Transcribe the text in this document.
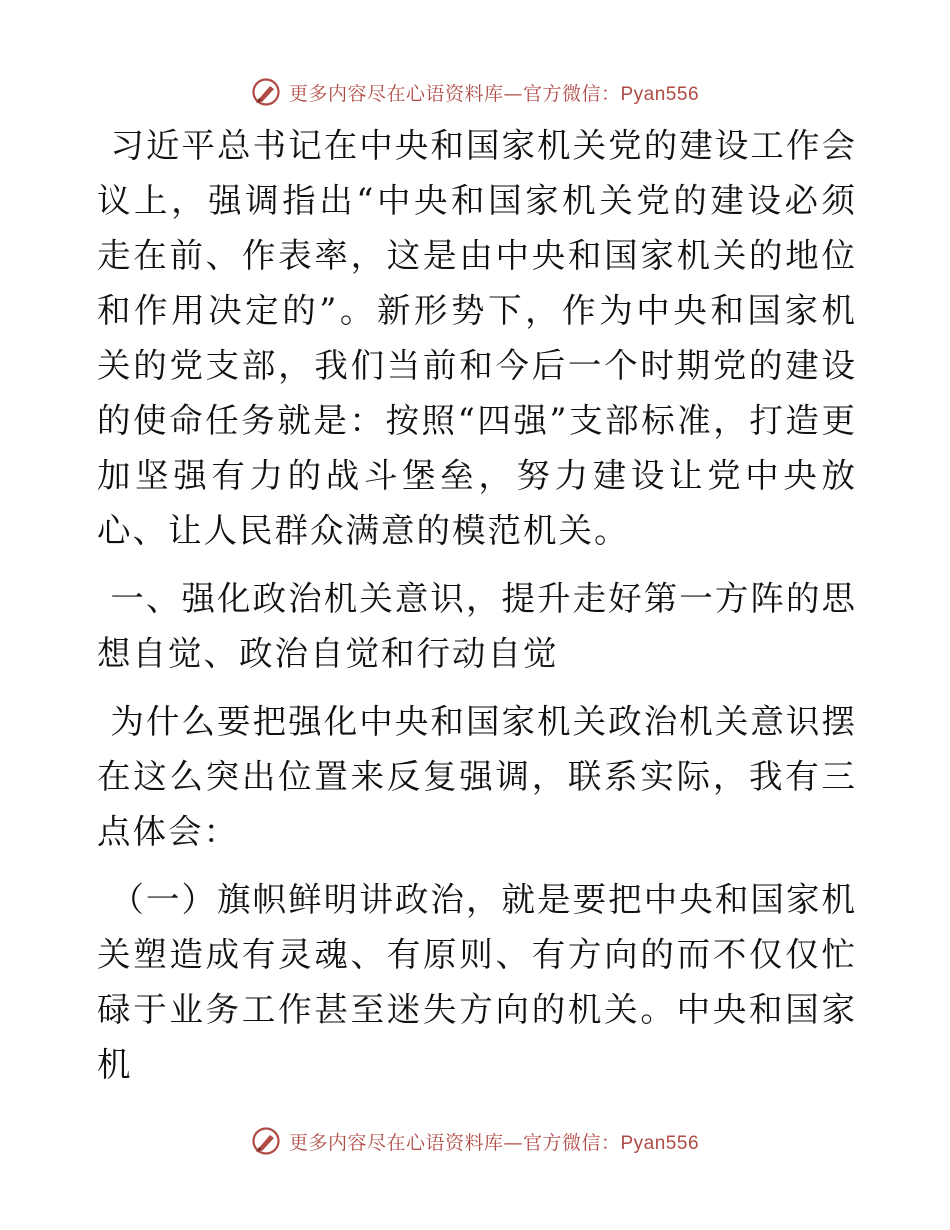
更多内容尽在心语资料库—官方微信：Pyan556

习近平总书记在中央和国家机关党的建设工作会议上，强调指出“中央和国家机关党的建设必须走在前、作表率，这是由中央和国家机关的地位和作用决定的”。新形势下，作为中央和国家机关的党支部，我们当前和今后一个时期党的建设的使命任务就是：按照“四强”支部标准，打造更加坚强有力的战斗堡垒，努力建设让党中央放心、让人民群众满意的模范机关。

一、强化政治机关意识，提升走好第一方阵的思想自觉、政治自觉和行动自觉

为什么要把强化中央和国家机关政治机关意识摆在这么突出位置来反复强调，联系实际，我有三点体会：

（一）旗帜鲜明讲政治，就是要把中央和国家机关塑造成有灵魂、有原则、有方向的而不仅仅忙碌于业务工作甚至迷失方向的机关。中央和国家机

更多内容尽在心语资料库—官方微信：Pyan556
